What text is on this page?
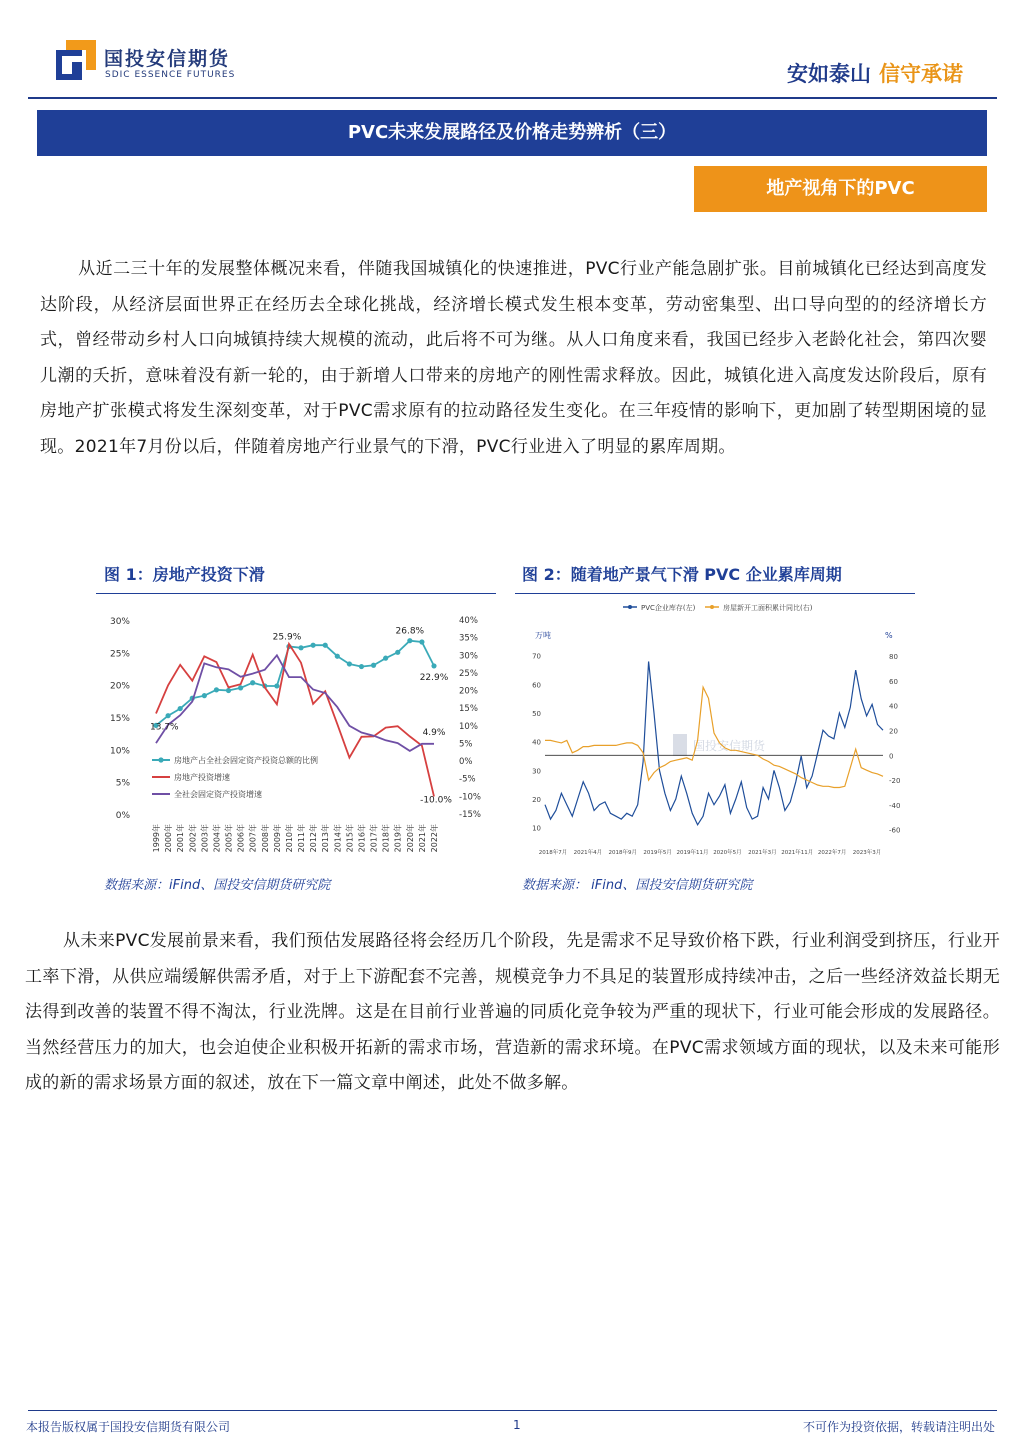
国投安信期货
SDIC ESSENCE FUTURES	安如泰山 信守承诺
PVC未来发展路径及价格走势辨析（三）
地产视角下的PVC
从近二三十年的发展整体概况来看，伴随我国城镇化的快速推进，PVC行业产能急剧扩张。目前城镇化已经达到高度发达阶段，从经济层面世界正在经历去全球化挑战，经济增长模式发生根本变革，劳动密集型、出口导向型的的经济增长方式，曾经带动乡村人口向城镇持续大规模的流动，此后将不可为继。从人口角度来看，我国已经步入老龄化社会，第四次婴儿潮的夭折，意味着没有新一轮的，由于新增人口带来的房地产的刚性需求释放。因此，城镇化进入高度发达阶段后，原有房地产扩张模式将发生深刻变革，对于PVC需求原有的拉动路径发生变化。在三年疫情的影响下，更加剧了转型期困境的显现。2021年7月份以后，伴随着房地产行业景气的下滑，PVC行业进入了明显的累库周期。
图 1：房地产投资下滑
30%
25%
20%
15%
10%
5%
0%
40%
35%
30%
25%
20%
15%
10%
5%
0%
-5%
-10%
-15%
1999年 2000年 2001年 2002年 2003年 2004年 2005年 2006年 2007年 2008年 2009年 2010年 2011年 2012年 2013年 2014年 2015年 2016年 2017年 2018年 2019年 2020年 2021年 2022年
13.7%
25.9%
26.8%
22.9%
4.9%
-10.0%
房地产占全社会固定资产投资总额的比例
房地产投资增速
全社会固定资产投资增速
数据来源：iFind、国投安信期货研究院
图 2：随着地产景气下滑 PVC 企业累库周期
PVC企业库存(左)	房屋新开工面积累计同比(右)
万吨	%
国投安信期货
70
60
50
40
30
20
10
80
60
40
20
0
-20
-40
-60
2018年7月 2021年4月 2018年9月 2019年5月 2019年11月 2020年5月 2021年3月 2021年11月 2022年7月 2023年3月
数据来源： iFind、国投安信期货研究院
从未来PVC发展前景来看，我们预估发展路径将会经历几个阶段，先是需求不足导致价格下跌，行业利润受到挤压，行业开工率下滑，从供应端缓解供需矛盾，对于上下游配套不完善，规模竞争力不具足的装置形成持续冲击，之后一些经济效益长期无法得到改善的装置不得不淘汰，行业洗牌。这是在目前行业普遍的同质化竞争较为严重的现状下，行业可能会形成的发展路径。当然经营压力的加大，也会迫使企业积极开拓新的需求市场，营造新的需求环境。在PVC需求领域方面的现状，以及未来可能形成的新的需求场景方面的叙述，放在下一篇文章中阐述，此处不做多解。
本报告版权属于国投安信期货有限公司	1	不可作为投资依据，转载请注明出处
